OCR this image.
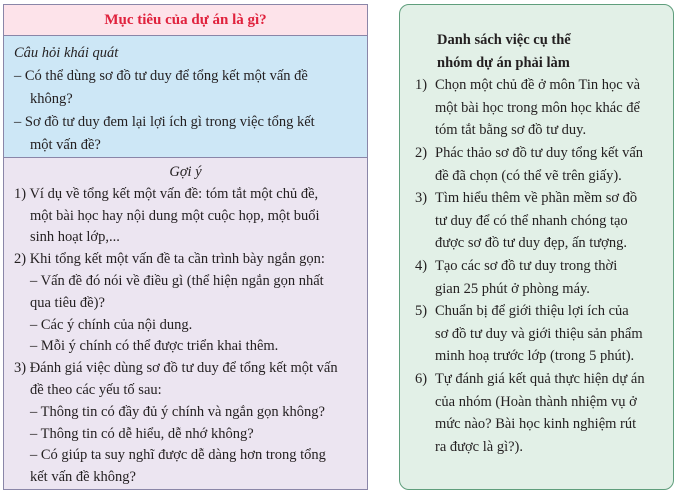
Mục tiêu của dự án là gì?
Câu hỏi khái quát
– Có thể dùng sơ đồ tư duy để tổng kết một vấn đề
không?
– Sơ đồ tư duy đem lại lợi ích gì trong việc tổng kết
một vấn đề?
Gợi ý
1) Ví dụ về tổng kết một vấn đề: tóm tắt một chủ đề,
một bài học hay nội dung một cuộc họp, một buổi
sinh hoạt lớp,...
2) Khi tổng kết một vấn đề ta cần trình bày ngắn gọn:
– Vấn đề đó nói về điều gì (thể hiện ngắn gọn nhất
qua tiêu đề)?
– Các ý chính của nội dung.
– Mỗi ý chính có thể được triển khai thêm.
3) Đánh giá việc dùng sơ đồ tư duy để tổng kết một vấn
đề theo các yếu tố sau:
– Thông tin có đầy đủ ý chính và ngắn gọn không?
– Thông tin có dễ hiểu, dễ nhớ không?
– Có giúp ta suy nghĩ được dễ dàng hơn trong tổng
kết vấn đề không?
Danh sách việc cụ thể
nhóm dự án phải làm
1) Chọn một chủ đề ở môn Tin học và
một bài học trong môn học khác để
tóm tắt bằng sơ đồ tư duy.
2) Phác thảo sơ đồ tư duy tổng kết vấn
đề đã chọn (có thể vẽ trên giấy).
3) Tìm hiểu thêm về phần mềm sơ đồ
tư duy để có thể nhanh chóng tạo
được sơ đồ tư duy đẹp, ấn tượng.
4) Tạo các sơ đồ tư duy trong thời
gian 25 phút ở phòng máy.
5) Chuẩn bị để giới thiệu lợi ích của
sơ đồ tư duy và giới thiệu sản phẩm
minh hoạ trước lớp (trong 5 phút).
6) Tự đánh giá kết quả thực hiện dự án
của nhóm (Hoàn thành nhiệm vụ ở
mức nào? Bài học kinh nghiệm rút
ra được là gì?).
